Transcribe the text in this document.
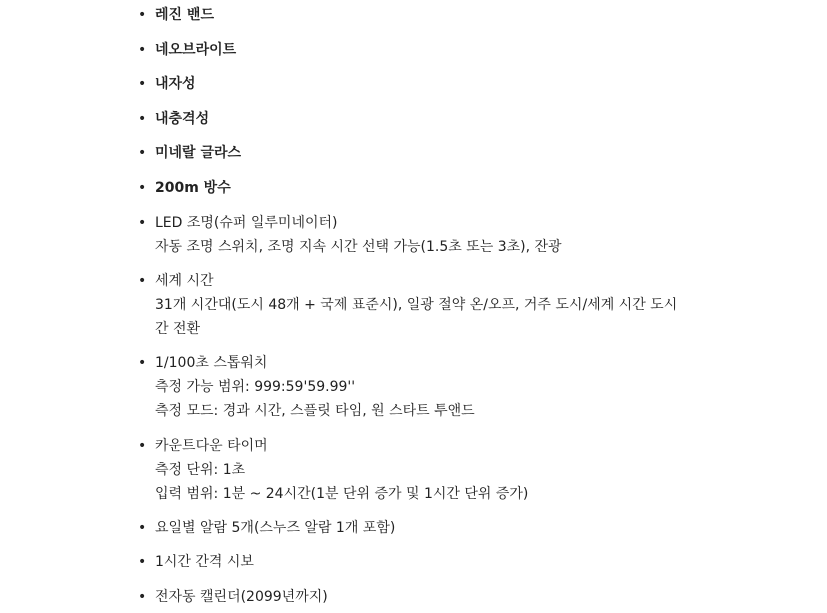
• 레진 밴드
• 네오브라이트
• 내자성
• 내충격성
• 미네랄 글라스
• 200m 방수
• LED 조명(슈퍼 일루미네이터)
자동 조명 스위치, 조명 지속 시간 선택 가능(1.5초 또는 3초), 잔광
• 세계 시간
31개 시간대(도시 48개 + 국제 표준시), 일광 절약 온/오프, 거주 도시/세계 시간 도시 간 전환
• 1/100초 스톱워치
측정 가능 범위: 999:59'59.99''
측정 모드: 경과 시간, 스플릿 타임, 원 스타트 투앤드
• 카운트다운 타이머
측정 단위: 1초
입력 범위: 1분 ~ 24시간(1분 단위 증가 및 1시간 단위 증가)
• 요일별 알람 5개(스누즈 알람 1개 포함)
• 1시간 간격 시보
• 전자동 캘린더(2099년까지)
